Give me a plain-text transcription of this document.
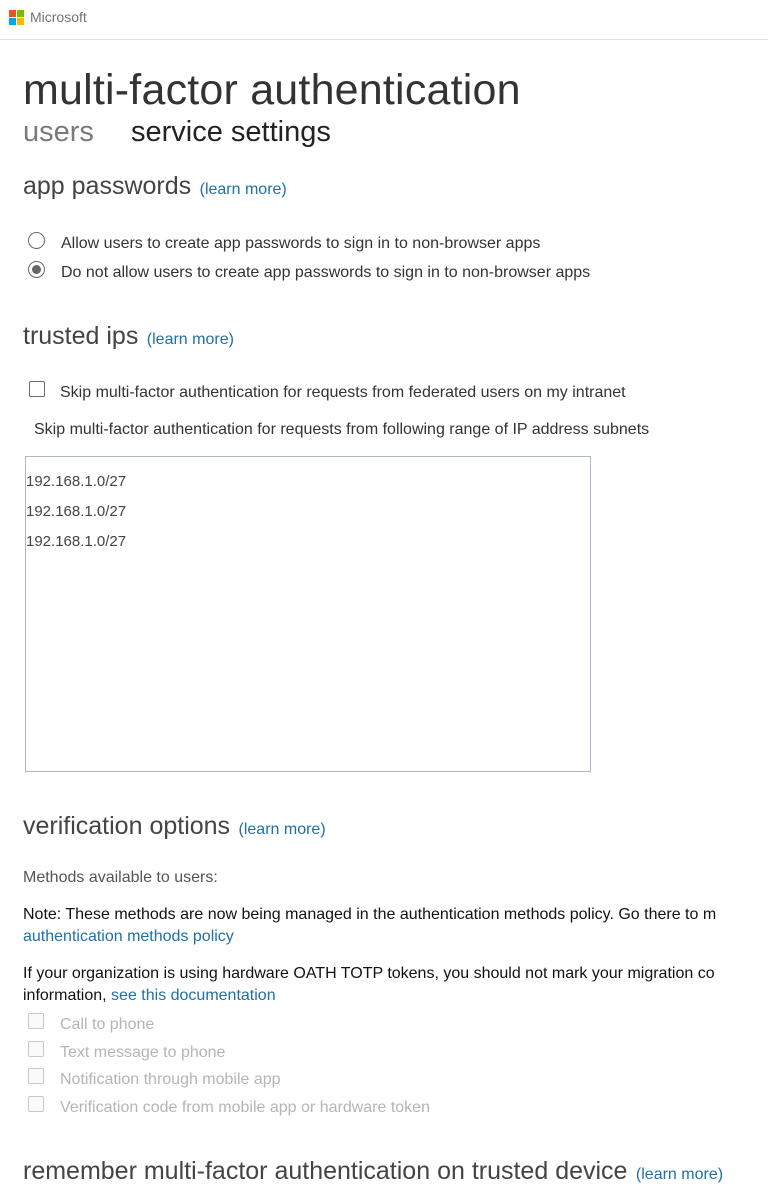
Microsoft
multi-factor authentication
users service settings
app passwords (learn more)
Allow users to create app passwords to sign in to non-browser apps
Do not allow users to create app passwords to sign in to non-browser apps
trusted ips (learn more)
Skip multi-factor authentication for requests from federated users on my intranet
Skip multi-factor authentication for requests from following range of IP address subnets
192.168.1.0/27
192.168.1.0/27
192.168.1.0/27
verification options (learn more)
Methods available to users:
Note: These methods are now being managed in the authentication methods policy. Go there to m
authentication methods policy
If your organization is using hardware OATH TOTP tokens, you should not mark your migration co
information, see this documentation
Call to phone
Text message to phone
Notification through mobile app
Verification code from mobile app or hardware token
remember multi-factor authentication on trusted device (learn more)
